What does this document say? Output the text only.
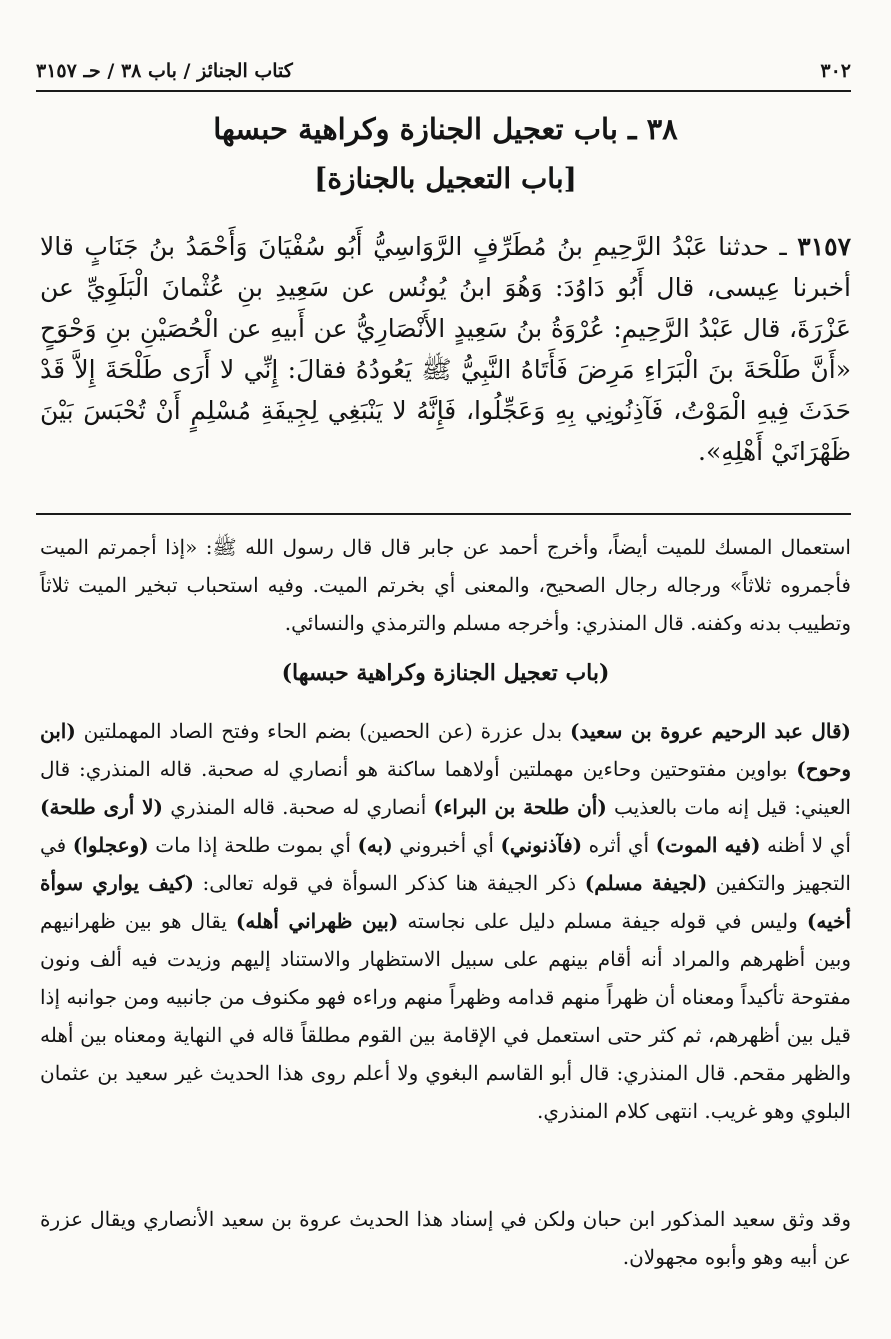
٣٠٢
كتاب الجنائز / باب ٣٨ / حـ ٣١٥٧
٣٨ ـ باب تعجيل الجنازة وكراهية حبسها
[باب التعجيل بالجنازة]

٣١٥٧ ـ حدثنا عَبْدُ الرَّحِيمِ بنُ مُطَرِّفٍ الرَّوَاسِيُّ أَبُو سُفْيَانَ وَأَحْمَدُ بنُ جَنَابٍ قالا أخبرنا عِيسى، قال أَبُو دَاوُدَ: وَهُوَ ابنُ يُونُس عن سَعِيدِ بنِ عُثْمانَ الْبَلَوِيِّ عن عَزْرَةَ، قال عَبْدُ الرَّحِيمِ: عُرْوَةُ بنُ سَعِيدٍ الأَنْصَارِيُّ عن أَبيهِ عن الْحُصَيْنِ بنِ وَحْوَحٍ «أَنَّ طَلْحَةَ بنَ الْبَرَاءِ مَرِضَ فَأَتَاهُ النَّبِيُّ ﷺ يَعُودُهُ فقالَ: إِنِّي لا أَرَى طَلْحَةَ إِلاَّ قَدْ حَدَثَ فِيهِ الْمَوْتُ، فَآذِنُونِي بِهِ وَعَجِّلُوا، فَإِنَّهُ لا يَنْبَغِي لِجِيفَةِ مُسْلِمٍ أَنْ تُحْبَسَ بَيْنَ ظَهْرَانَيْ أَهْلِهِ».

استعمال المسك للميت أيضاً، وأخرج أحمد عن جابر قال قال رسول الله ﷺ: «إذا أجمرتم الميت فأجمروه ثلاثاً» ورجاله رجال الصحيح، والمعنى أي بخرتم الميت. وفيه استحباب تبخير الميت ثلاثاً وتطييب بدنه وكفنه. قال المنذري: وأخرجه مسلم والترمذي والنسائي.

(باب تعجيل الجنازة وكراهية حبسها)

(قال عبد الرحيم عروة بن سعيد) بدل عزرة (عن الحصين) بضم الحاء وفتح الصاد المهملتين (ابن وحوح) بواوين مفتوحتين وحاءين مهملتين أولاهما ساكنة هو أنصاري له صحبة. قاله المنذري: قال العيني: قيل إنه مات بالعذيب (أن طلحة بن البراء) أنصاري له صحبة. قاله المنذري (لا أرى طلحة) أي لا أظنه (فيه الموت) أي أثره (فآذنوني) أي أخبروني (به) أي بموت طلحة إذا مات (وعجلوا) في التجهيز والتكفين (لجيفة مسلم) ذكر الجيفة هنا كذكر السوأة في قوله تعالى: (كيف يواري سوأة أخيه) وليس في قوله جيفة مسلم دليل على نجاسته (بين ظهراني أهله) يقال هو بين ظهرانيهم وبين أظهرهم والمراد أنه أقام بينهم على سبيل الاستظهار والاستناد إليهم وزيدت فيه ألف ونون مفتوحة تأكيداً ومعناه أن ظهراً منهم قدامه وظهراً منهم وراءه فهو مكنوف من جانبيه ومن جوانبه إذا قيل بين أظهرهم، ثم كثر حتى استعمل في الإقامة بين القوم مطلقاً قاله في النهاية ومعناه بين أهله والظهر مقحم. قال المنذري: قال أبو القاسم البغوي ولا أعلم روى هذا الحديث غير سعيد بن عثمان البلوي وهو غريب. انتهى كلام المنذري.

وقد وثق سعيد المذكور ابن حبان ولكن في إسناد هذا الحديث عروة بن سعيد الأنصاري ويقال عزرة عن أبيه وهو وأبوه مجهولان.
